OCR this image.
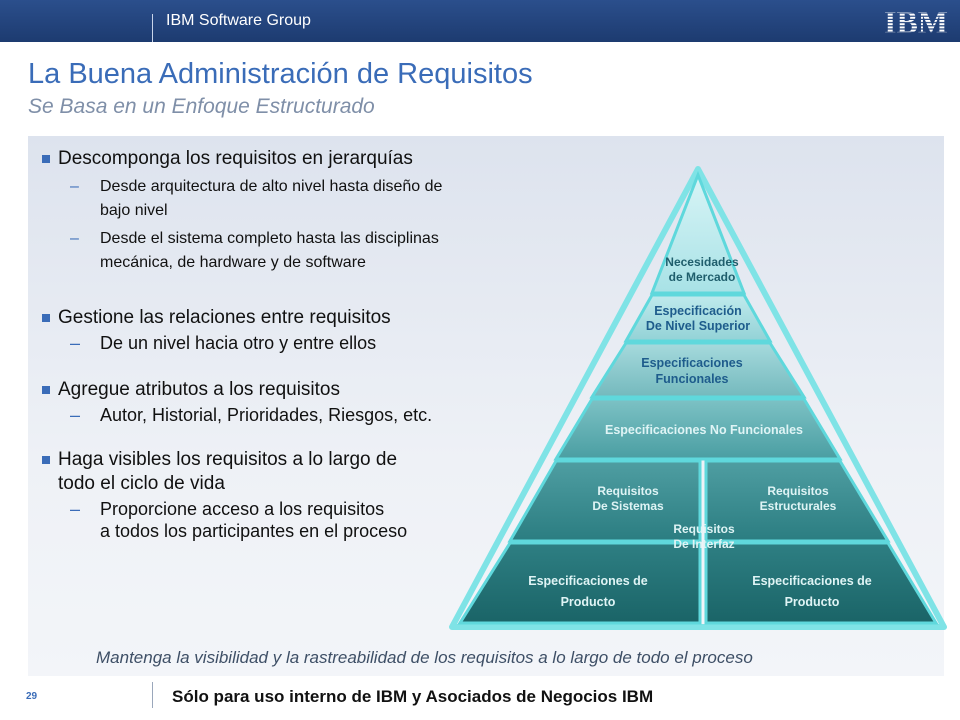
IBM Software Group	IBM
La Buena Administración de Requisitos
Se Basa en un Enfoque Estructurado
Descomponga los requisitos en jerarquías
– Desde arquitectura de alto nivel hasta diseño de
bajo nivel
– Desde el sistema completo hasta las disciplinas
mecánica, de hardware y de software
Gestione las relaciones entre requisitos
– De un nivel hacia otro y entre ellos
Agregue atributos a los requisitos
– Autor, Historial, Prioridades, Riesgos, etc.
Haga visibles los requisitos a lo largo de
todo el ciclo de vida
– Proporcione acceso a los requisitos
a todos los participantes en el proceso
Necesidades
de Mercado
Especificación
De Nivel Superior
Especificaciones
Funcionales
Especificaciones No Funcionales
Requisitos
De Sistemas
Requisitos
Estructurales
Requisitos
De Interfaz
Especificaciones de
Producto
Especificaciones de
Producto
Mantenga la visibilidad y la rastreabilidad de los requisitos a lo largo de todo el proceso
29	Sólo para uso interno de IBM y Asociados de Negocios IBM
